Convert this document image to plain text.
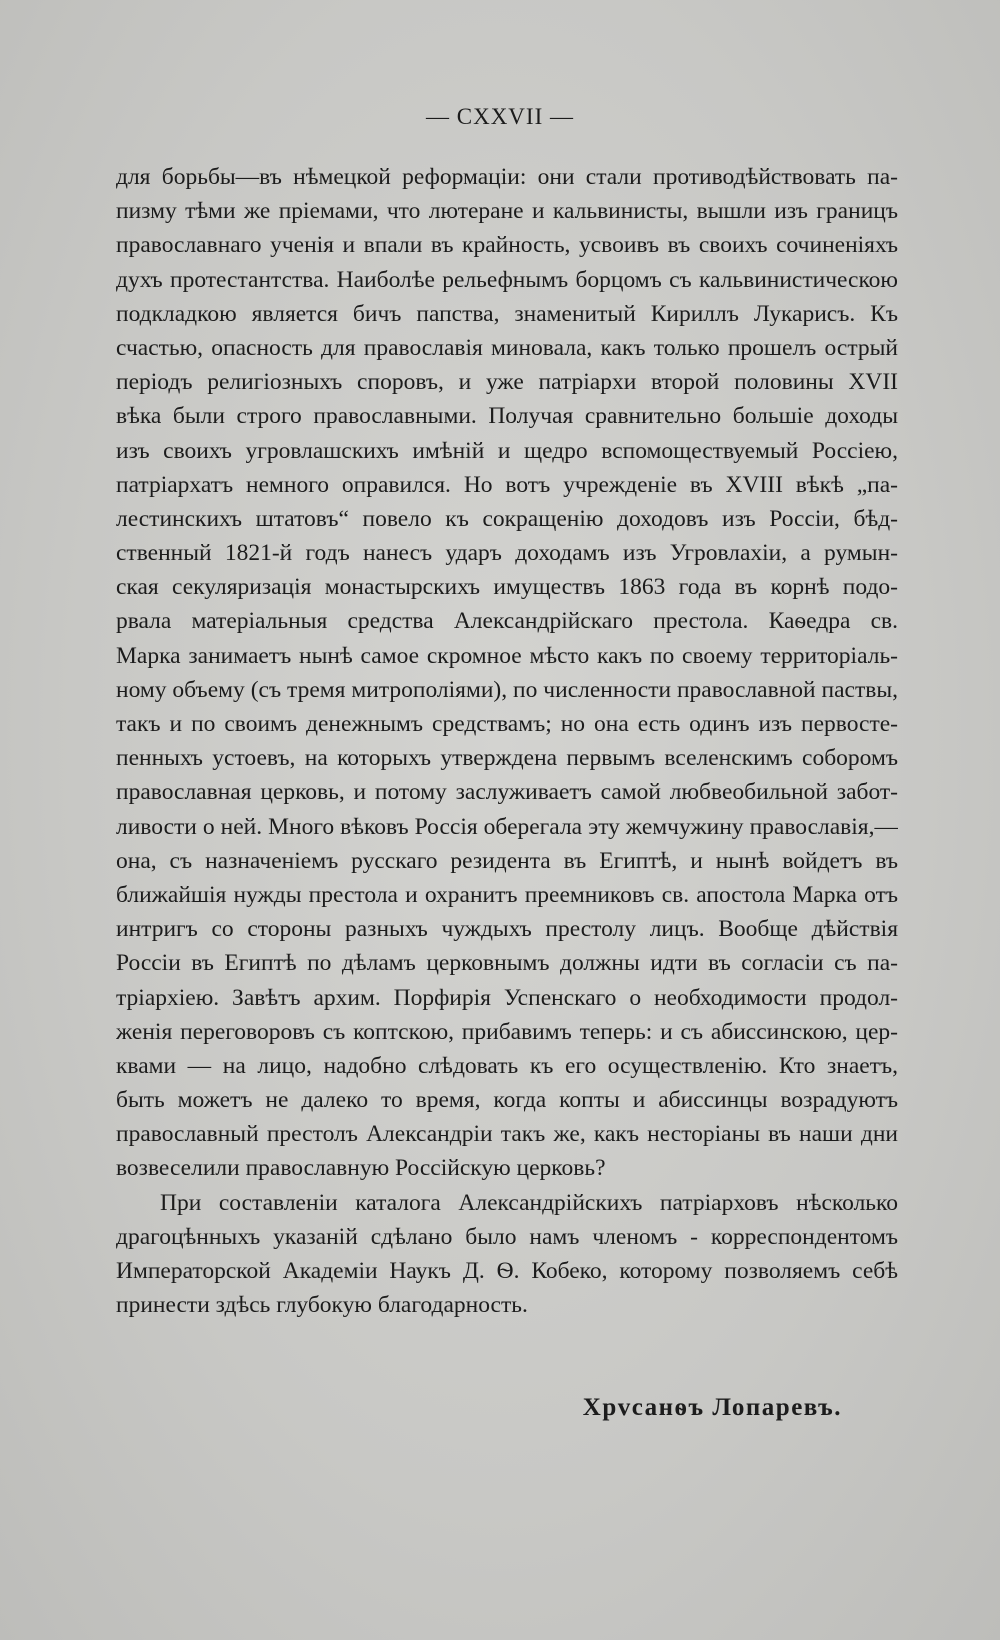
— CXXVII —
для борьбы—въ нѣмецкой реформаціи: они стали противодѣйствовать па-
пизму тѣми же пріемами, что лютеране и кальвинисты, вышли изъ границъ
православнаго ученія и впали въ крайность, усвоивъ въ своихъ сочиненіяхъ
духъ протестантства. Наиболѣе рельефнымъ борцомъ съ кальвинистическою
подкладкою является бичъ папства, знаменитый Кириллъ Лукарисъ. Къ
счастью, опасность для православія миновала, какъ только прошелъ острый
періодъ религіозныхъ споровъ, и уже патріархи второй половины XVII
вѣка были строго православными. Получая сравнительно большіе доходы
изъ своихъ угровлашскихъ имѣній и щедро вспомоществуемый Россіею,
патріархатъ немного оправился. Но вотъ учрежденіе въ XVIII вѣкѣ „па-
лестинскихъ штатовъ“ повело къ сокращенію доходовъ изъ Россіи, бѣд-
ственный 1821-й годъ нанесъ ударъ доходамъ изъ Угровлахіи, а румын-
ская секуляризація монастырскихъ имуществъ 1863 года въ корнѣ подо-
рвала матеріальныя средства Александрійскаго престола. Каѳедра св.
Марка занимаетъ нынѣ самое скромное мѣсто какъ по своему территоріаль-
ному объему (съ тремя митрополіями), по численности православной паствы,
такъ и по своимъ денежнымъ средствамъ; но она есть одинъ изъ первосте-
пенныхъ устоевъ, на которыхъ утверждена первымъ вселенскимъ соборомъ
православная церковь, и потому заслуживаетъ самой любвеобильной забот-
ливости о ней. Много вѣковъ Россія оберегала эту жемчужину православія,—
она, съ назначеніемъ русскаго резидента въ Египтѣ, и нынѣ войдетъ въ
ближайшія нужды престола и охранитъ преемниковъ св. апостола Марка отъ
интригъ со стороны разныхъ чуждыхъ престолу лицъ. Вообще дѣйствія
Россіи въ Египтѣ по дѣламъ церковнымъ должны идти въ согласіи съ па-
тріархіею. Завѣтъ архим. Порфирія Успенскаго о необходимости продол-
женія переговоровъ съ коптскою, прибавимъ теперь: и съ абиссинскою, цер-
квами — на лицо, надобно слѣдовать къ его осуществленію. Кто знаетъ,
быть можетъ не далеко то время, когда копты и абиссинцы возрадуютъ
православный престолъ Александріи такъ же, какъ несторіаны въ наши дни
возвеселили православную Россійскую церковь?
При составленіи каталога Александрійскихъ патріарховъ нѣсколько
драгоцѣнныхъ указаній сдѣлано было намъ членомъ - корреспондентомъ
Императорской Академіи Наукъ Д. Ѳ. Кобеко, которому позволяемъ себѣ
принести здѣсь глубокую благодарность.
Хрvсанѳъ Лопаревъ.
